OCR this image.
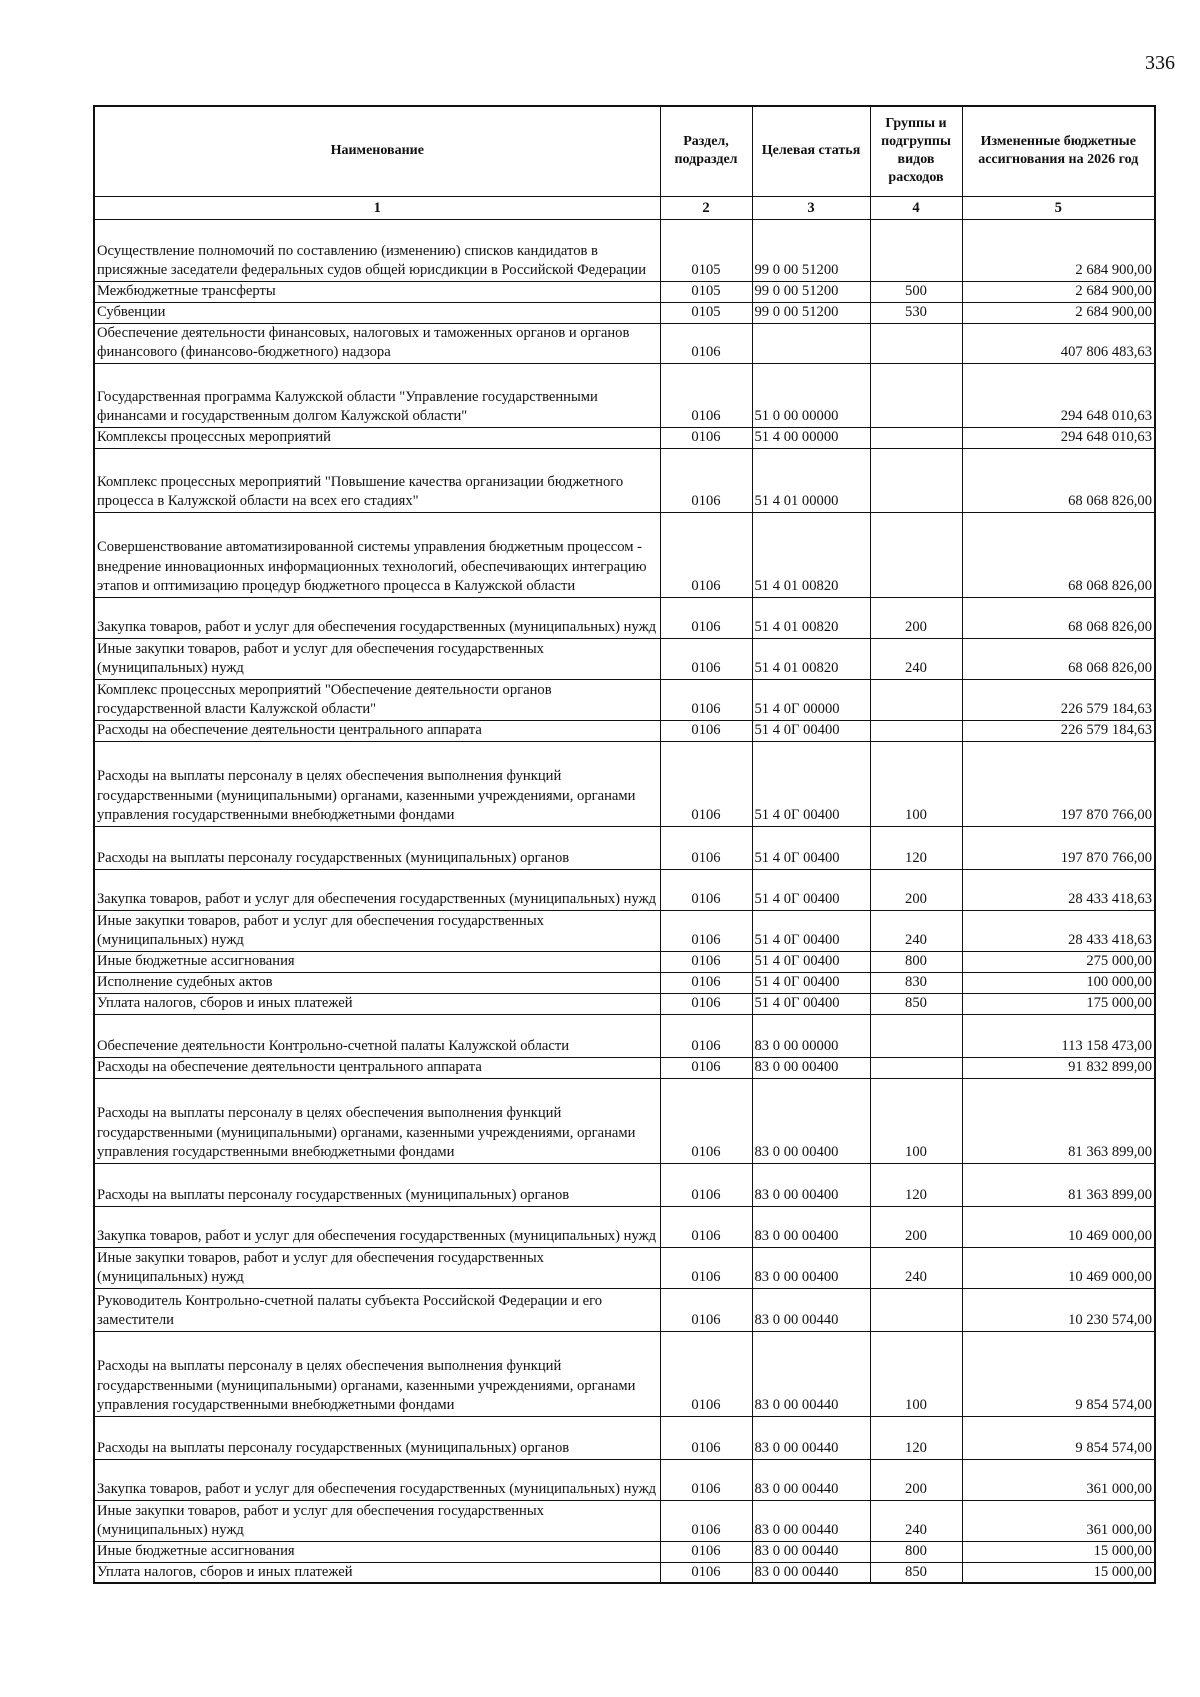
336
Наименование	Раздел, подраздел	Целевая статья	Группы и подгруппы видов расходов	Измененные бюджетные ассигнования на 2026 год
1	2	3	4	5
Осуществление полномочий по составлению (изменению) списков кандидатов в присяжные заседатели федеральных судов общей юрисдикции в Российской Федерации	0105	99 0 00 51200		2 684 900,00
Межбюджетные трансферты	0105	99 0 00 51200	500	2 684 900,00
Субвенции	0105	99 0 00 51200	530	2 684 900,00
Обеспечение деятельности финансовых, налоговых и таможенных органов и органов финансового (финансово-бюджетного) надзора	0106			407 806 483,63
Государственная программа Калужской области "Управление государственными финансами и государственным долгом Калужской области"	0106	51 0 00 00000		294 648 010,63
Комплексы процессных мероприятий	0106	51 4 00 00000		294 648 010,63
Комплекс процессных мероприятий "Повышение качества организации бюджетного процесса в Калужской области на всех его стадиях"	0106	51 4 01 00000		68 068 826,00
Совершенствование автоматизированной системы управления бюджетным процессом - внедрение инновационных информационных технологий, обеспечивающих интеграцию этапов и оптимизацию процедур бюджетного процесса в Калужской области	0106	51 4 01 00820		68 068 826,00
Закупка товаров, работ и услуг для обеспечения государственных (муниципальных) нужд	0106	51 4 01 00820	200	68 068 826,00
Иные закупки товаров, работ и услуг для обеспечения государственных (муниципальных) нужд	0106	51 4 01 00820	240	68 068 826,00
Комплекс процессных мероприятий "Обеспечение деятельности органов государственной власти Калужской области"	0106	51 4 0Г 00000		226 579 184,63
Расходы на обеспечение деятельности центрального аппарата	0106	51 4 0Г 00400		226 579 184,63
Расходы на выплаты персоналу в целях обеспечения выполнения функций государственными (муниципальными) органами, казенными учреждениями, органами управления государственными внебюджетными фондами	0106	51 4 0Г 00400	100	197 870 766,00
Расходы на выплаты персоналу государственных (муниципальных) органов	0106	51 4 0Г 00400	120	197 870 766,00
Закупка товаров, работ и услуг для обеспечения государственных (муниципальных) нужд	0106	51 4 0Г 00400	200	28 433 418,63
Иные закупки товаров, работ и услуг для обеспечения государственных (муниципальных) нужд	0106	51 4 0Г 00400	240	28 433 418,63
Иные бюджетные ассигнования	0106	51 4 0Г 00400	800	275 000,00
Исполнение судебных актов	0106	51 4 0Г 00400	830	100 000,00
Уплата налогов, сборов и иных платежей	0106	51 4 0Г 00400	850	175 000,00
Обеспечение деятельности Контрольно-счетной палаты Калужской области	0106	83 0 00 00000		113 158 473,00
Расходы на обеспечение деятельности центрального аппарата	0106	83 0 00 00400		91 832 899,00
Расходы на выплаты персоналу в целях обеспечения выполнения функций государственными (муниципальными) органами, казенными учреждениями, органами управления государственными внебюджетными фондами	0106	83 0 00 00400	100	81 363 899,00
Расходы на выплаты персоналу государственных (муниципальных) органов	0106	83 0 00 00400	120	81 363 899,00
Закупка товаров, работ и услуг для обеспечения государственных (муниципальных) нужд	0106	83 0 00 00400	200	10 469 000,00
Иные закупки товаров, работ и услуг для обеспечения государственных (муниципальных) нужд	0106	83 0 00 00400	240	10 469 000,00
Руководитель Контрольно-счетной палаты субъекта Российской Федерации и его заместители	0106	83 0 00 00440		10 230 574,00
Расходы на выплаты персоналу в целях обеспечения выполнения функций государственными (муниципальными) органами, казенными учреждениями, органами управления государственными внебюджетными фондами	0106	83 0 00 00440	100	9 854 574,00
Расходы на выплаты персоналу государственных (муниципальных) органов	0106	83 0 00 00440	120	9 854 574,00
Закупка товаров, работ и услуг для обеспечения государственных (муниципальных) нужд	0106	83 0 00 00440	200	361 000,00
Иные закупки товаров, работ и услуг для обеспечения государственных (муниципальных) нужд	0106	83 0 00 00440	240	361 000,00
Иные бюджетные ассигнования	0106	83 0 00 00440	800	15 000,00
Уплата налогов, сборов и иных платежей	0106	83 0 00 00440	850	15 000,00
